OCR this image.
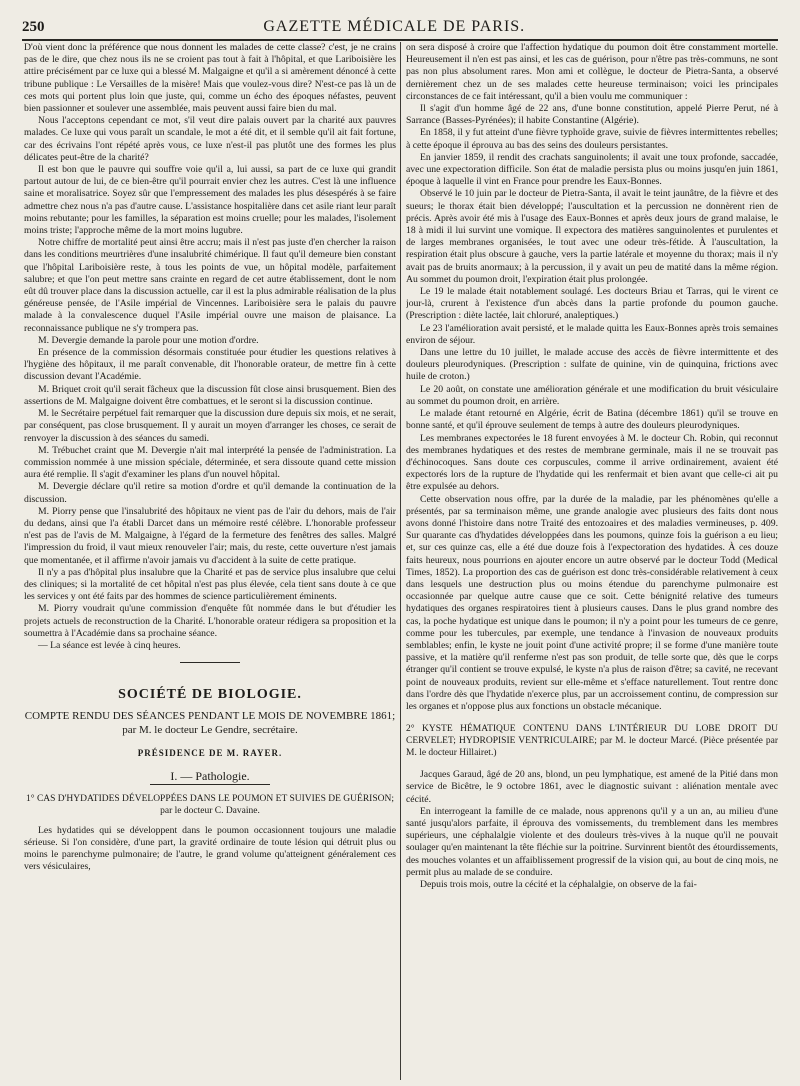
250	GAZETTE MÉDICALE DE PARIS.

D'où vient donc la préférence que nous donnent les malades de cette classe? c'est, je ne crains pas de le dire, que chez nous ils ne se croient pas tout à fait à l'hôpital, et que Lariboisière les attire précisément par ce luxe qui a blessé M. Malgaigne et qu'il a si amèrement dénoncé à cette tribune publique : Le Versailles de la misère! Mais que voulez-vous dire? N'est-ce pas là un de ces mots qui portent plus loin que juste, qui, comme un écho des époques néfastes, peuvent bien passionner et soulever une assemblée, mais peuvent aussi faire bien du mal.

Nous l'acceptons cependant ce mot, s'il veut dire palais ouvert par la charité aux pauvres malades. Ce luxe qui vous paraît un scandale, le mot a été dit, et il semble qu'il ait fait fortune, car des écrivains l'ont répété après vous, ce luxe n'est-il pas plutôt une des formes les plus délicates peut-être de la charité?

Il est bon que le pauvre qui souffre voie qu'il a, lui aussi, sa part de ce luxe qui grandit partout autour de lui, de ce bien-être qu'il pourrait envier chez les autres. C'est là une influence saine et moralisatrice. Soyez sûr que l'empressement des malades les plus désespérés à se faire admettre chez nous n'a pas d'autre cause. L'assistance hospitalière dans cet asile riant leur paraît moins rebutante; pour les familles, la séparation est moins cruelle; pour les malades, l'isolement moins triste; l'approche même de la mort moins lugubre.

Notre chiffre de mortalité peut ainsi être accru; mais il n'est pas juste d'en chercher la raison dans les conditions meurtrières d'une insalubrité chimérique. Il faut qu'il demeure bien constant que l'hôpital Lariboisière reste, à tous les points de vue, un hôpital modèle, parfaitement salubre; et que l'on peut mettre sans crainte en regard de cet autre établissement, dont le nom eût dû trouver place dans la discussion actuelle, car il est la plus admirable réalisation de la plus généreuse pensée, de l'Asile impérial de Vincennes. Lariboisière sera le palais du pauvre malade à la convalescence duquel l'Asile impérial ouvre une maison de plaisance. La reconnaissance publique ne s'y trompera pas.

M. Devergie demande la parole pour une motion d'ordre.

En présence de la commission désormais constituée pour étudier les questions relatives à l'hygiène des hôpitaux, il me paraît convenable, dit l'honorable orateur, de mettre fin à cette discussion devant l'Académie.

M. Briquet croit qu'il serait fâcheux que la discussion fût close ainsi brusquement. Bien des assertions de M. Malgaigne doivent être combattues, et le seront si la discussion continue.

M. le Secrétaire perpétuel fait remarquer que la discussion dure depuis six mois, et ne serait, par conséquent, pas close brusquement. Il y aurait un moyen d'arranger les choses, ce serait de renvoyer la discussion à des séances du samedi.

M. Trébuchet craint que M. Devergie n'ait mal interprété la pensée de l'administration. La commission nommée à une mission spéciale, déterminée, et sera dissoute quand cette mission aura été remplie. Il s'agit d'examiner les plans d'un nouvel hôpital.

M. Devergie déclare qu'il retire sa motion d'ordre et qu'il demande la continuation de la discussion.

M. Piorry pense que l'insalubrité des hôpitaux ne vient pas de l'air du dehors, mais de l'air du dedans, ainsi que l'a établi Darcet dans un mémoire resté célèbre. L'honorable professeur n'est pas de l'avis de M. Malgaigne, à l'égard de la fermeture des fenêtres des salles. Malgré l'impression du froid, il vaut mieux renouveler l'air; mais, du reste, cette ouverture n'est jamais que momentanée, et il affirme n'avoir jamais vu d'accident à la suite de cette pratique.

Il n'y a pas d'hôpital plus insalubre que la Charité et pas de service plus insalubre que celui des cliniques; si la mortalité de cet hôpital n'est pas plus élevée, cela tient sans doute à ce que les services y ont été faits par des hommes de science particulièrement éminents.

M. Piorry voudrait qu'une commission d'enquête fût nommée dans le but d'étudier les projets actuels de reconstruction de la Charité. L'honorable orateur rédigera sa proposition et la soumettra à l'Académie dans sa prochaine séance.

— La séance est levée à cinq heures.

SOCIÉTÉ DE BIOLOGIE.
COMPTE RENDU DES SÉANCES PENDANT LE MOIS DE NOVEMBRE 1861; par M. le docteur Le Gendre, secrétaire.
PRÉSIDENCE DE M. RAYER.
I. — Pathologie.
1° CAS D'HYDATIDES DÉVELOPPÉES DANS LE POUMON ET SUIVIES DE GUÉRISON; par le docteur C. Davaine.

Les hydatides qui se développent dans le poumon occasionnent toujours une maladie sérieuse. Si l'on considère, d'une part, la gravité ordinaire de toute lésion qui détruit plus ou moins le parenchyme pulmonaire; de l'autre, le grand volume qu'atteignent généralement ces vers vésiculaires,

on sera disposé à croire que l'affection hydatique du poumon doit être constamment mortelle. Heureusement il n'en est pas ainsi, et les cas de guérison, pour n'être pas très-communs, ne sont pas non plus absolument rares. Mon ami et collègue, le docteur de Pietra-Santa, a observé dernièrement chez un de ses malades cette heureuse terminaison; voici les principales circonstances de ce fait intéressant, qu'il a bien voulu me communiquer :

Il s'agit d'un homme âgé de 22 ans, d'une bonne constitution, appelé Pierre Perut, né à Sarrance (Basses-Pyrénées); il habite Constantine (Algérie).

En 1858, il y fut atteint d'une fièvre typhoïde grave, suivie de fièvres intermittentes rebelles; à cette époque il éprouva au bas des seins des douleurs persistantes.

En janvier 1859, il rendit des crachats sanguinolents; il avait une toux profonde, saccadée, avec une expectoration difficile. Son état de maladie persista plus ou moins jusqu'en juin 1861, époque à laquelle il vint en France pour prendre les Eaux-Bonnes.

Observé le 10 juin par le docteur de Pietra-Santa, il avait le teint jaunâtre, de la fièvre et des sueurs; le thorax était bien développé; l'auscultation et la percussion ne donnèrent rien de précis. Après avoir été mis à l'usage des Eaux-Bonnes et après deux jours de grand malaise, le 18 à midi il lui survint une vomique. Il expectora des matières sanguinolentes et purulentes et de larges membranes organisées, le tout avec une odeur très-fétide. À l'auscultation, la respiration était plus obscure à gauche, vers la partie latérale et moyenne du thorax; mais il n'y avait pas de bruits anormaux; à la percussion, il y avait un peu de matité dans la même région. Au sommet du poumon droit, l'expiration était plus prolongée.

Le 19 le malade était notablement soulagé. Les docteurs Briau et Tarras, qui le virent ce jour-là, crurent à l'existence d'un abcès dans la partie profonde du poumon gauche. (Prescription : diète lactée, lait chloruré, analeptiques.)

Le 23 l'amélioration avait persisté, et le malade quitta les Eaux-Bonnes après trois semaines environ de séjour.

Dans une lettre du 10 juillet, le malade accuse des accès de fièvre intermittente et des douleurs pleurodyniques. (Prescription : sulfate de quinine, vin de quinquina, frictions avec huile de croton.)

Le 20 août, on constate une amélioration générale et une modification du bruit vésiculaire au sommet du poumon droit, en arrière.

Le malade étant retourné en Algérie, écrit de Batina (décembre 1861) qu'il se trouve en bonne santé, et qu'il éprouve seulement de temps à autre des douleurs pleurodyniques.

Les membranes expectorées le 18 furent envoyées à M. le docteur Ch. Robin, qui reconnut des membranes hydatiques et des restes de membrane germinale, mais il ne se trouvait pas d'échinocoques. Sans doute ces corpuscules, comme il arrive ordinairement, avaient été expectorés lors de la rupture de l'hydatide qui les renfermait et bien avant que celle-ci ait pu être expulsée au dehors.

Cette observation nous offre, par la durée de la maladie, par les phénomènes qu'elle a présentés, par sa terminaison même, une grande analogie avec plusieurs des faits dont nous avons donné l'histoire dans notre Traité des entozoaires et des maladies vermineuses, p. 409. Sur quarante cas d'hydatides développées dans les poumons, quinze fois la guérison a eu lieu; et, sur ces quinze cas, elle a été due douze fois à l'expectoration des hydatides. À ces douze faits heureux, nous pourrions en ajouter encore un autre observé par le docteur Todd (Medical Times, 1852). La proportion des cas de guérison est donc très-considérable relativement à ceux dans lesquels une destruction plus ou moins étendue du parenchyme pulmonaire est occasionnée par quelque autre cause que ce soit. Cette bénignité relative des tumeurs hydatiques des organes respiratoires tient à plusieurs causes. Dans le plus grand nombre des cas, la poche hydatique est unique dans le poumon; il n'y a point pour les tumeurs de ce genre, comme pour les tubercules, par exemple, une tendance à l'invasion de nouveaux produits semblables; enfin, le kyste ne jouit point d'une activité propre; il se forme d'une manière toute passive, et la matière qu'il renferme n'est pas son produit, de telle sorte que, dès que le corps étranger qu'il contient se trouve expulsé, le kyste n'a plus de raison d'être; sa cavité, ne recevant point de nouveaux produits, revient sur elle-même et s'efface naturellement. Tout rentre donc dans l'ordre dès que l'hydatide n'exerce plus, par un accroissement continu, de compression sur les organes et n'oppose plus aux fonctions un obstacle mécanique.

2° KYSTE HÉMATIQUE CONTENU DANS L'INTÉRIEUR DU LOBE DROIT DU CERVELET; HYDROPISIE VENTRICULAIRE; par M. le docteur Marcé. (Pièce présentée par M. le docteur Hillairet.)

Jacques Garaud, âgé de 20 ans, blond, un peu lymphatique, est amené de la Pitié dans mon service de Bicêtre, le 9 octobre 1861, avec le diagnostic suivant : aliénation mentale avec cécité.

En interrogeant la famille de ce malade, nous apprenons qu'il y a un an, au milieu d'une santé jusqu'alors parfaite, il éprouva des vomissements, du tremblement dans les membres supérieurs, une céphalalgie violente et des douleurs très-vives à la nuque qu'il ne pouvait soulager qu'en maintenant la tête fléchie sur la poitrine. Survinrent bientôt des étourdissements, des mouches volantes et un affaiblissement progressif de la vision qui, au bout de cinq mois, ne permit plus au malade de se conduire.

Depuis trois mois, outre la cécité et la céphalalgie, on observe de la fai-
